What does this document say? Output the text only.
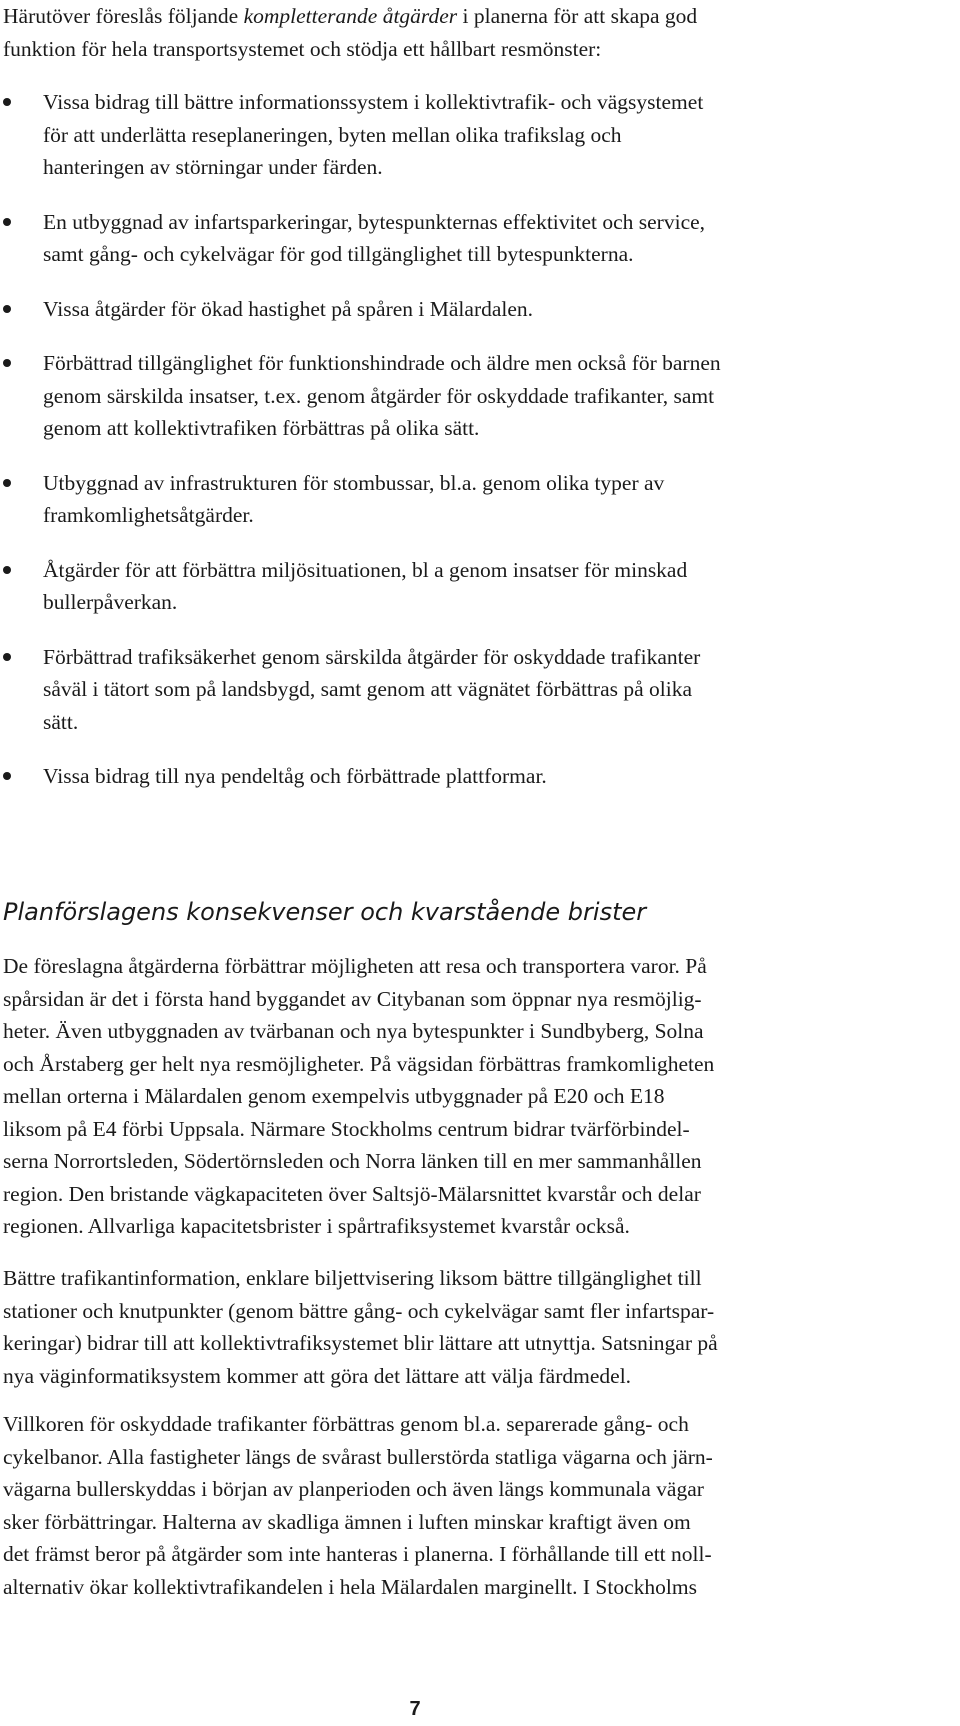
Härutöver föreslås följande kompletterande åtgärder i planerna för att skapa god
funktion för hela transportsystemet och stödja ett hållbart resmönster:
Vissa bidrag till bättre informationssystem i kollektivtrafik- och vägsystemet
för att underlätta reseplaneringen, byten mellan olika trafikslag och
hanteringen av störningar under färden.
En utbyggnad av infartsparkeringar, bytespunkternas effektivitet och service,
samt gång- och cykelvägar för god tillgänglighet till bytespunkterna.
Vissa åtgärder för ökad hastighet på spåren i Mälardalen.
Förbättrad tillgänglighet för funktionshindrade och äldre men också för barnen
genom särskilda insatser, t.ex. genom åtgärder för oskyddade trafikanter, samt
genom att kollektivtrafiken förbättras på olika sätt.
Utbyggnad av infrastrukturen för stombussar, bl.a. genom olika typer av
framkomlighetsåtgärder.
Åtgärder för att förbättra miljösituationen, bl a genom insatser för minskad
bullerpåverkan.
Förbättrad trafiksäkerhet genom särskilda åtgärder för oskyddade trafikanter
såväl i tätort som på landsbygd, samt genom att vägnätet förbättras på olika
sätt.
Vissa bidrag till nya pendeltåg och förbättrade plattformar.
Planförslagens konsekvenser och kvarstående brister
De föreslagna åtgärderna förbättrar möjligheten att resa och transportera varor. På
spårsidan är det i första hand byggandet av Citybanan som öppnar nya resmöjlig-
heter. Även utbyggnaden av tvärbanan och nya bytespunkter i Sundbyberg, Solna
och Årstaberg ger helt nya resmöjligheter. På vägsidan förbättras framkomligheten
mellan orterna i Mälardalen genom exempelvis utbyggnader på E20 och E18
liksom på E4 förbi Uppsala. Närmare Stockholms centrum bidrar tvärförbindel-
serna Norrortsleden, Södertörnsleden och Norra länken till en mer sammanhållen
region. Den bristande vägkapaciteten över Saltsjö-Mälarsnittet kvarstår och delar
regionen. Allvarliga kapacitetsbrister i spårtrafiksystemet kvarstår också.
Bättre trafikantinformation, enklare biljettvisering liksom bättre tillgänglighet till
stationer och knutpunkter (genom bättre gång- och cykelvägar samt fler infartspar-
keringar) bidrar till att kollektivtrafiksystemet blir lättare att utnyttja. Satsningar på
nya väginformatiksystem kommer att göra det lättare att välja färdmedel.
Villkoren för oskyddade trafikanter förbättras genom bl.a. separerade gång- och
cykelbanor. Alla fastigheter längs de svårast bullerstörda statliga vägarna och järn-
vägarna bullerskyddas i början av planperioden och även längs kommunala vägar
sker förbättringar. Halterna av skadliga ämnen i luften minskar kraftigt även om
det främst beror på åtgärder som inte hanteras i planerna. I förhållande till ett noll-
alternativ ökar kollektivtrafikandelen i hela Mälardalen marginellt. I Stockholms
7
